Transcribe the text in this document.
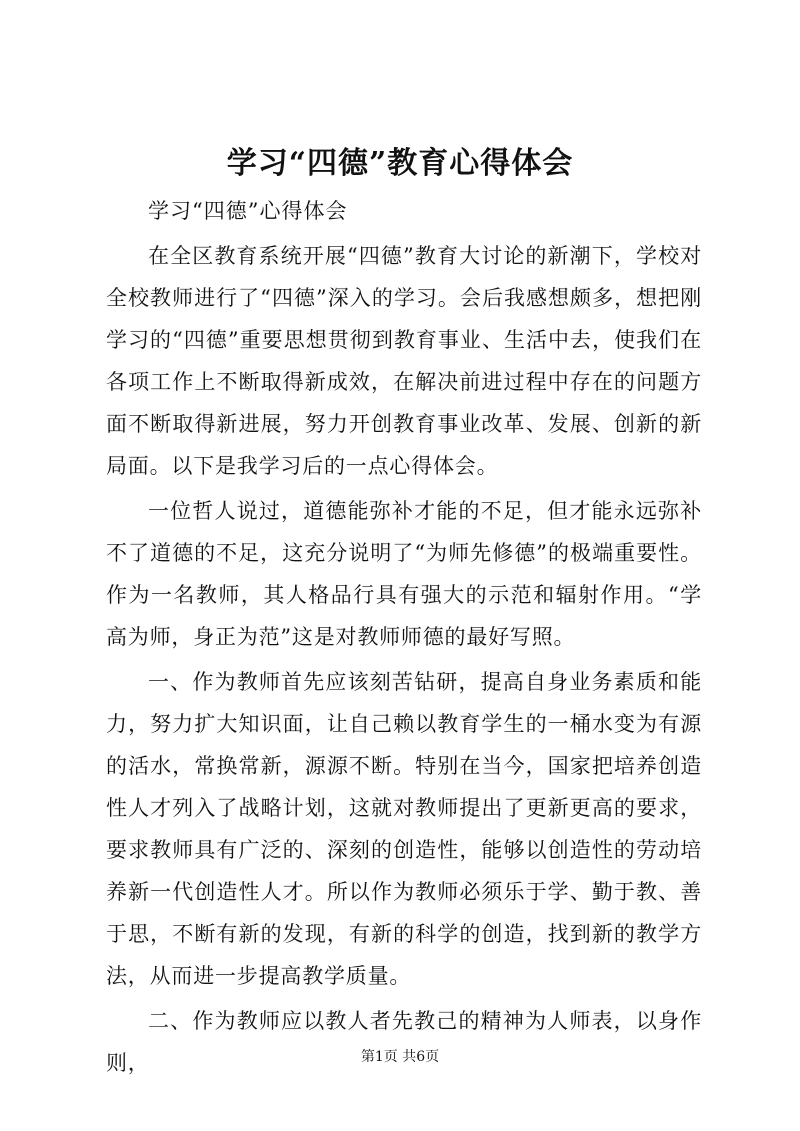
学习“四德”教育心得体会

学习“四德”心得体会

在全区教育系统开展“四德”教育大讨论的新潮下，学校对全校教师进行了“四德”深入的学习。会后我感想颇多，想把刚学习的“四德”重要思想贯彻到教育事业、生活中去，使我们在各项工作上不断取得新成效，在解决前进过程中存在的问题方面不断取得新进展，努力开创教育事业改革、发展、创新的新局面。以下是我学习后的一点心得体会。

一位哲人说过，道德能弥补才能的不足，但才能永远弥补不了道德的不足，这充分说明了“为师先修德”的极端重要性。作为一名教师，其人格品行具有强大的示范和辐射作用。“学高为师，身正为范”这是对教师师德的最好写照。

一、作为教师首先应该刻苦钻研，提高自身业务素质和能力，努力扩大知识面，让自己赖以教育学生的一桶水变为有源的活水，常换常新，源源不断。特别在当今，国家把培养创造性人才列入了战略计划，这就对教师提出了更新更高的要求，要求教师具有广泛的、深刻的创造性，能够以创造性的劳动培养新一代创造性人才。所以作为教师必须乐于学、勤于教、善于思，不断有新的发现，有新的科学的创造，找到新的教学方法，从而进一步提高教学质量。

二、作为教师应以教人者先教己的精神为人师表，以身作则，	第1页 共6页
